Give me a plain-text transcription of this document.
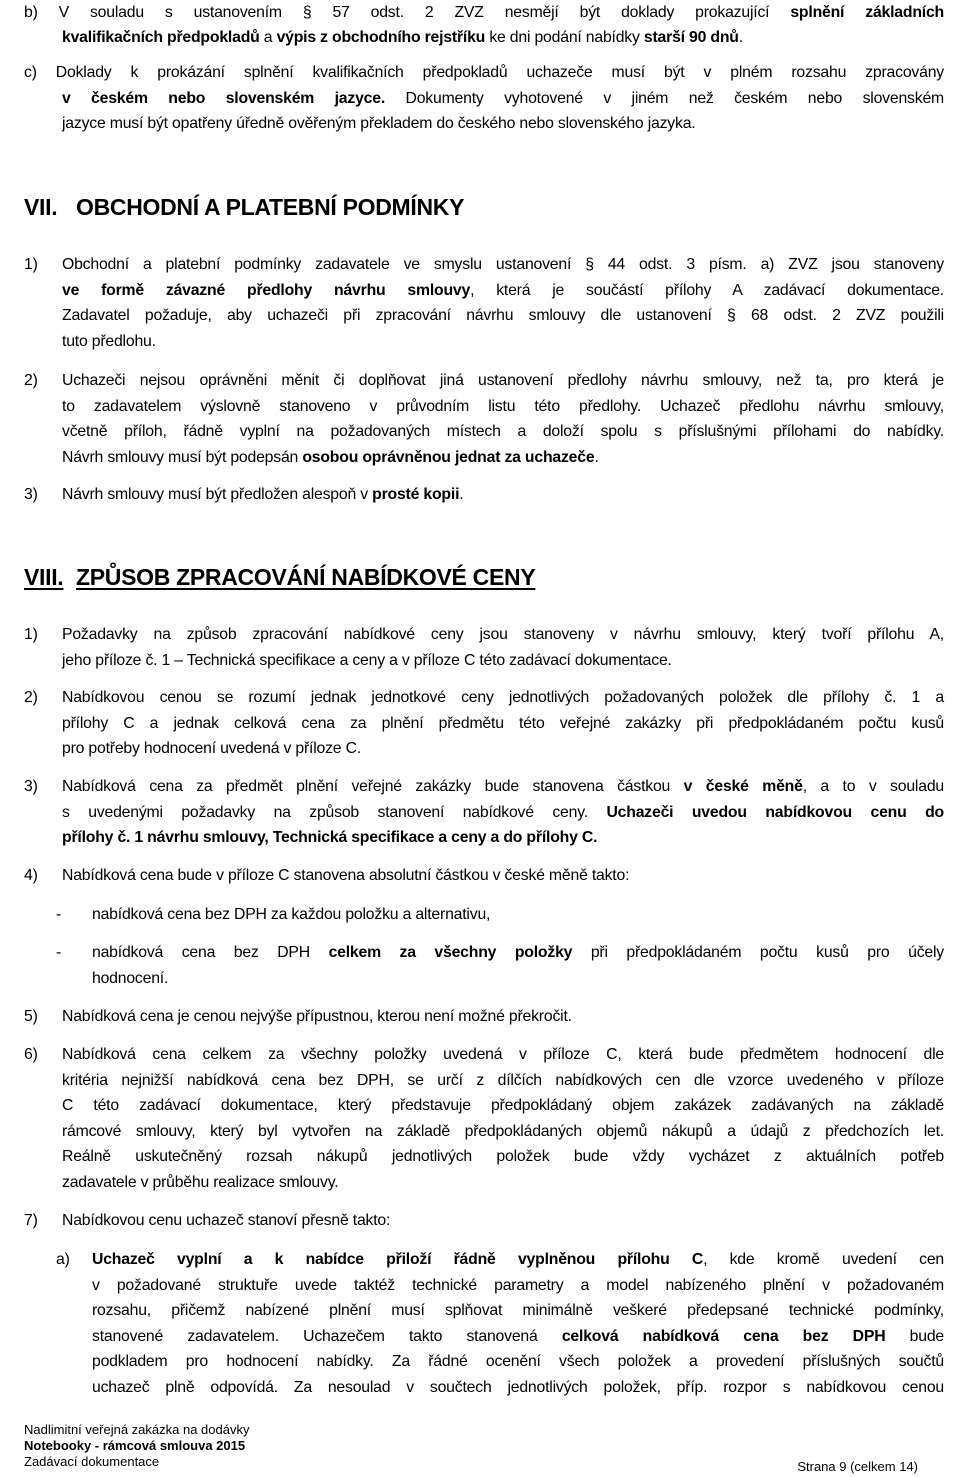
b) V souladu s ustanovením § 57 odst. 2 ZVZ nesmějí být doklady prokazující splnění základních
kvalifikačních předpokladů a výpis z obchodního rejstříku ke dni podání nabídky starší 90 dnů.
c) Doklady k prokázání splnění kvalifikačních předpokladů uchazeče musí být v plném rozsahu zpracovány
v českém nebo slovenském jazyce. Dokumenty vyhotovené v jiném než českém nebo slovenském
jazyce musí být opatřeny úředně ověřeným překladem do českého nebo slovenského jazyka.
VII. OBCHODNÍ A PLATEBNÍ PODMÍNKY
1) Obchodní a platební podmínky zadavatele ve smyslu ustanovení § 44 odst. 3 písm. a) ZVZ jsou stanoveny
ve formě závazné předlohy návrhu smlouvy, která je součástí přílohy A zadávací dokumentace.
Zadavatel požaduje, aby uchazeči při zpracování návrhu smlouvy dle ustanovení § 68 odst. 2 ZVZ použili
tuto předlohu.
2) Uchazeči nejsou oprávněni měnit či doplňovat jiná ustanovení předlohy návrhu smlouvy, než ta, pro která je
to zadavatelem výslovně stanoveno v průvodním listu této předlohy. Uchazeč předlohu návrhu smlouvy,
včetně příloh, řádně vyplní na požadovaných místech a doloží spolu s příslušnými přílohami do nabídky.
Návrh smlouvy musí být podepsán osobou oprávněnou jednat za uchazeče.
3) Návrh smlouvy musí být předložen alespoň v prosté kopii.
VIII. ZPŮSOB ZPRACOVÁNÍ NABÍDKOVÉ CENY
1) Požadavky na způsob zpracování nabídkové ceny jsou stanoveny v návrhu smlouvy, který tvoří přílohu A,
jeho příloze č. 1 – Technická specifikace a ceny a v příloze C této zadávací dokumentace.
2) Nabídkovou cenou se rozumí jednak jednotkové ceny jednotlivých požadovaných položek dle přílohy č. 1 a
přílohy C a jednak celková cena za plnění předmětu této veřejné zakázky při předpokládaném počtu kusů
pro potřeby hodnocení uvedená v příloze C.
3) Nabídková cena za předmět plnění veřejné zakázky bude stanovena částkou v české měně, a to v souladu
s uvedenými požadavky na způsob stanovení nabídkové ceny. Uchazeči uvedou nabídkovou cenu do
přílohy č. 1 návrhu smlouvy, Technická specifikace a ceny a do přílohy C.
4) Nabídková cena bude v příloze C stanovena absolutní částkou v české měně takto:
- nabídková cena bez DPH za každou položku a alternativu,
- nabídková cena bez DPH celkem za všechny položky při předpokládaném počtu kusů pro účely
hodnocení.
5) Nabídková cena je cenou nejvýše přípustnou, kterou není možné překročit.
6) Nabídková cena celkem za všechny položky uvedená v příloze C, která bude předmětem hodnocení dle
kritéria nejnižší nabídková cena bez DPH, se určí z dílčích nabídkových cen dle vzorce uvedeného v příloze
C této zadávací dokumentace, který představuje předpokládaný objem zakázek zadávaných na základě
rámcové smlouvy, který byl vytvořen na základě předpokládaných objemů nákupů a údajů z předchozích let.
Reálně uskutečněný rozsah nákupů jednotlivých položek bude vždy vycházet z aktuálních potřeb
zadavatele v průběhu realizace smlouvy.
7) Nabídkovou cenu uchazeč stanoví přesně takto:
a) Uchazeč vyplní a k nabídce přiloží řádně vyplněnou přílohu C, kde kromě uvedení cen
v požadované struktuře uvede taktéž technické parametry a model nabízeného plnění v požadovaném
rozsahu, přičemž nabízené plnění musí splňovat minimálně veškeré předepsané technické podmínky,
stanovené zadavatelem. Uchazečem takto stanovená celková nabídková cena bez DPH bude
podkladem pro hodnocení nabídky. Za řádné ocenění všech položek a provedení příslušných součtů
uchazeč plně odpovídá. Za nesoulad v součtech jednotlivých položek, příp. rozpor s nabídkovou cenou
Nadlimitní veřejná zakázka na dodávky
Notebooky - rámcová smlouva 2015
Zadávací dokumentace	Strana 9 (celkem 14)
